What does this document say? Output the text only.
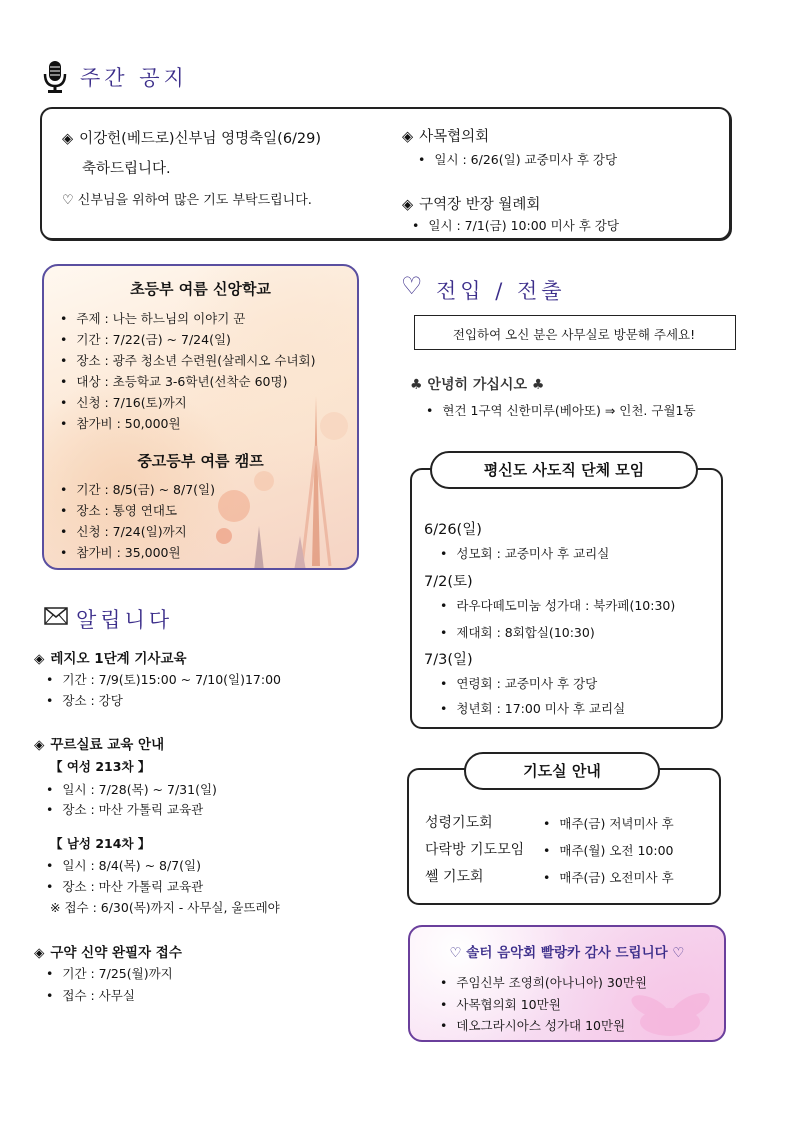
주간 공지
◈ 이강헌(베드로)신부님 영명축일(6/29)
축하드립니다.
♡ 신부님을 위하여 많은 기도 부탁드립니다.
◈ 사목협의회
• 일시 : 6/26(일) 교중미사 후 강당
◈ 구역장 반장 월례회
• 일시 : 7/1(금) 10:00 미사 후 강당
초등부 여름 신앙학교
• 주제 : 나는 하느님의 이야기 꾼
• 기간 : 7/22(금) ~ 7/24(일)
• 장소 : 광주 청소년 수련원(살레시오 수녀회)
• 대상 : 초등학교 3-6학년(선착순 60명)
• 신청 : 7/16(토)까지
• 참가비 : 50,000원
중고등부 여름 캠프
• 기간 : 8/5(금) ~ 8/7(일)
• 장소 : 통영 연대도
• 신청 : 7/24(일)까지
• 참가비 : 35,000원
♡ 전입 / 전출
전입하여 오신 분은 사무실로 방문해 주세요!
♣ 안녕히 가십시오 ♣
• 현건 1구역 신한미루(베아또) ⇒ 인천. 구월1동
• 성모회 : 교중미사 후 교리실
6/26(일)
7/2(토)
• 라우다떼도미눔 성가대 : 북카페(10:30)
• 제대회 : 8회합실(10:30)
7/3(일)
• 연령회 : 교중미사 후 강당
• 청년회 : 17:00 미사 후 교리실
평신도 사도직 단체 모임
알립니다
◈ 레지오 1단계 기사교육
• 기간 : 7/9(토)15:00 ~ 7/10(일)17:00
• 장소 : 강당
◈ 꾸르실료 교육 안내
【 여성 213차 】
• 일시 : 7/28(목) ~ 7/31(일)
• 장소 : 마산 가톨릭 교육관
【 남성 214차 】
• 일시 : 8/4(목) ~ 8/7(일)
• 장소 : 마산 가톨릭 교육관
※ 접수 : 6/30(목)까지 - 사무실, 울뜨레야
◈ 구약 신약 완필자 접수
• 기간 : 7/25(월)까지
• 접수 : 사무실
성령기도회	• 매주(금) 저녁미사 후
다락방 기도모임	• 매주(월) 오전 10:00
쎌 기도회	• 매주(금) 오전미사 후
기도실 안내
♡ 솔터 음악회 빨랑카 감사 드립니다 ♡
• 주임신부 조영희(아나니아) 30만원
• 사목협의회 10만원
• 데오그라시아스 성가대 10만원
